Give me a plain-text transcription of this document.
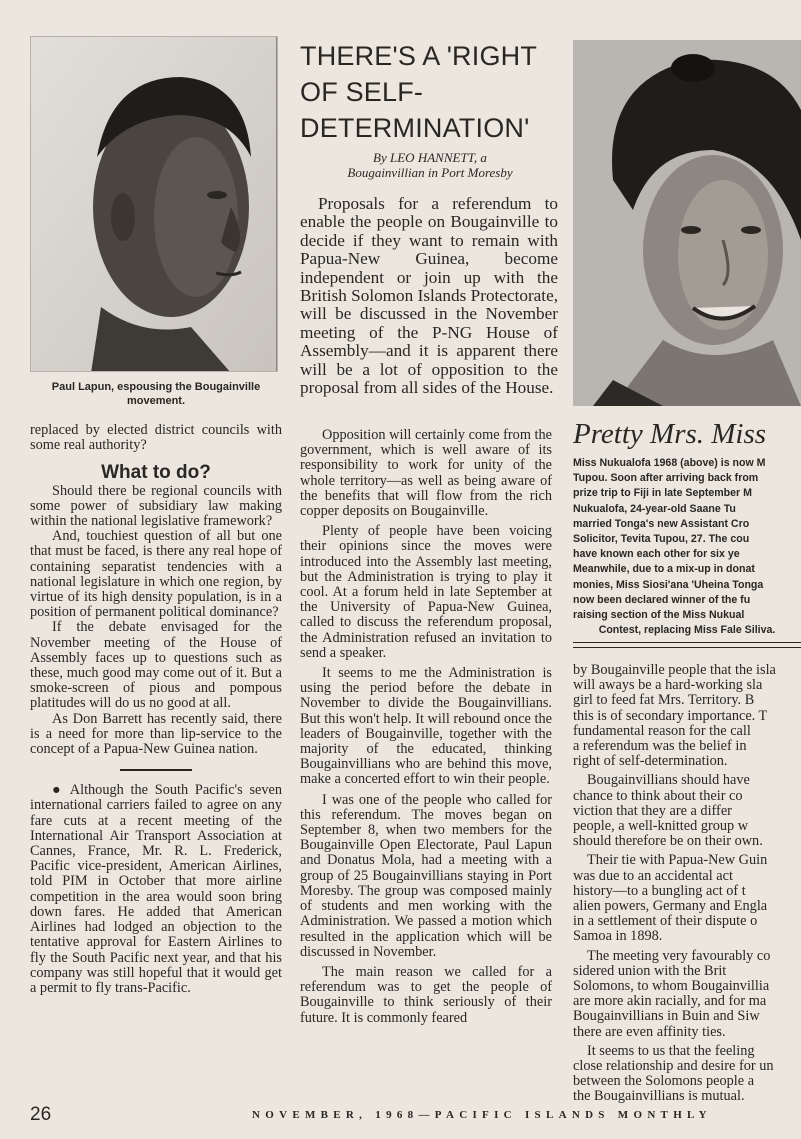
Paul Lapun, espousing the Bougainville movement.

replaced by elected district councils with some real authority?

What to do?

Should there be regional councils with some power of subsidiary law making within the national legislative framework?

And, touchiest question of all but one that must be faced, is there any real hope of containing separatist tendencies with a national legislature in which one region, by virtue of its high density population, is in a position of permanent political dominance?

If the debate envisaged for the November meeting of the House of Assembly faces up to questions such as these, much good may come out of it. But a smoke-screen of pious and pompous platitudes will do us no good at all.

As Don Barrett has recently said, there is a need for more than lip-service to the concept of a Papua-New Guinea nation.

● Although the South Pacific's seven international carriers failed to agree on any fare cuts at a recent meeting of the International Air Transport Association at Cannes, France, Mr. R. L. Frederick, Pacific vice-president, American Airlines, told PIM in October that more airline competition in the area would soon bring down fares. He added that American Airlines had lodged an objection to the tentative approval for Eastern Airlines to fly the South Pacific next year, and that his company was still hopeful that it would get a permit to fly trans-Pacific.

THERE'S A 'RIGHT OF SELF-DETERMINATION'
By LEO HANNETT, a
Bougainvillian in Port Moresby

Proposals for a referendum to enable the people on Bougainville to decide if they want to remain with Papua-New Guinea, become independent or join up with the British Solomon Islands Protectorate, will be discussed in the November meeting of the P-NG House of Assembly—and it is apparent there will be a lot of opposition to the proposal from all sides of the House.

Opposition will certainly come from the government, which is well aware of its responsibility to work for unity of the whole territory—as well as being aware of the benefits that will flow from the rich copper deposits on Bougainville.

Plenty of people have been voicing their opinions since the moves were introduced into the Assembly last meeting, but the Administration is trying to play it cool. At a forum held in late September at the University of Papua-New Guinea, called to discuss the referendum proposal, the Administration refused an invitation to send a speaker.

It seems to me the Administration is using the period before the debate in November to divide the Bougainvillians. But this won't help. It will rebound once the leaders of Bougainville, together with the majority of the educated, thinking Bougainvillians who are behind this move, make a concerted effort to win their people.

I was one of the people who called for this referendum. The moves began on September 8, when two members for the Bougainville Open Electorate, Paul Lapun and Donatus Mola, had a meeting with a group of 25 Bougainvillians staying in Port Moresby. The group was composed mainly of students and men working with the Administration. We passed a motion which resulted in the application which will be discussed in November.

The main reason we called for a referendum was to get the people of Bougainville to think seriously of their future. It is commonly feared

Pretty Mrs. Miss
Miss Nukualofa 1968 (above) is now M
Tupou. Soon after arriving back from
prize trip to Fiji in late September M
Nukualofa, 24-year-old Saane Tu
married Tonga's new Assistant Cro
Solicitor, Tevita Tupou, 27. The cou
have known each other for six ye
Meanwhile, due to a mix-up in donat
monies, Miss Siosi'ana 'Uheina Tonga
now been declared winner of the fu
raising section of the Miss Nukual
Contest, replacing Miss Fale Siliva.
by Bougainville people that the isla
will aways be a hard-working sla
girl to feed fat Mrs. Territory. B
this is of secondary importance. T
fundamental reason for the call
a referendum was the belief in
right of self-determination.
Bougainvillians should have
chance to think about their co
viction that they are a differ
people, a well-knitted group w
should therefore be on their own.
Their tie with Papua-New Guin
was due to an accidental act
history—to a bungling act of t
alien powers, Germany and Engla
in a settlement of their dispute o
Samoa in 1898.
The meeting very favourably co
sidered union with the Brit
Solomons, to whom Bougainvillia
are more akin racially, and for ma
Bougainvillians in Buin and Siw
there are even affinity ties.
It seems to us that the feeling
close relationship and desire for un
between the Solomons people a
the Bougainvillians is mutual.
26	NOVEMBER, 1968—PACIFIC ISLANDS MONTHLY
